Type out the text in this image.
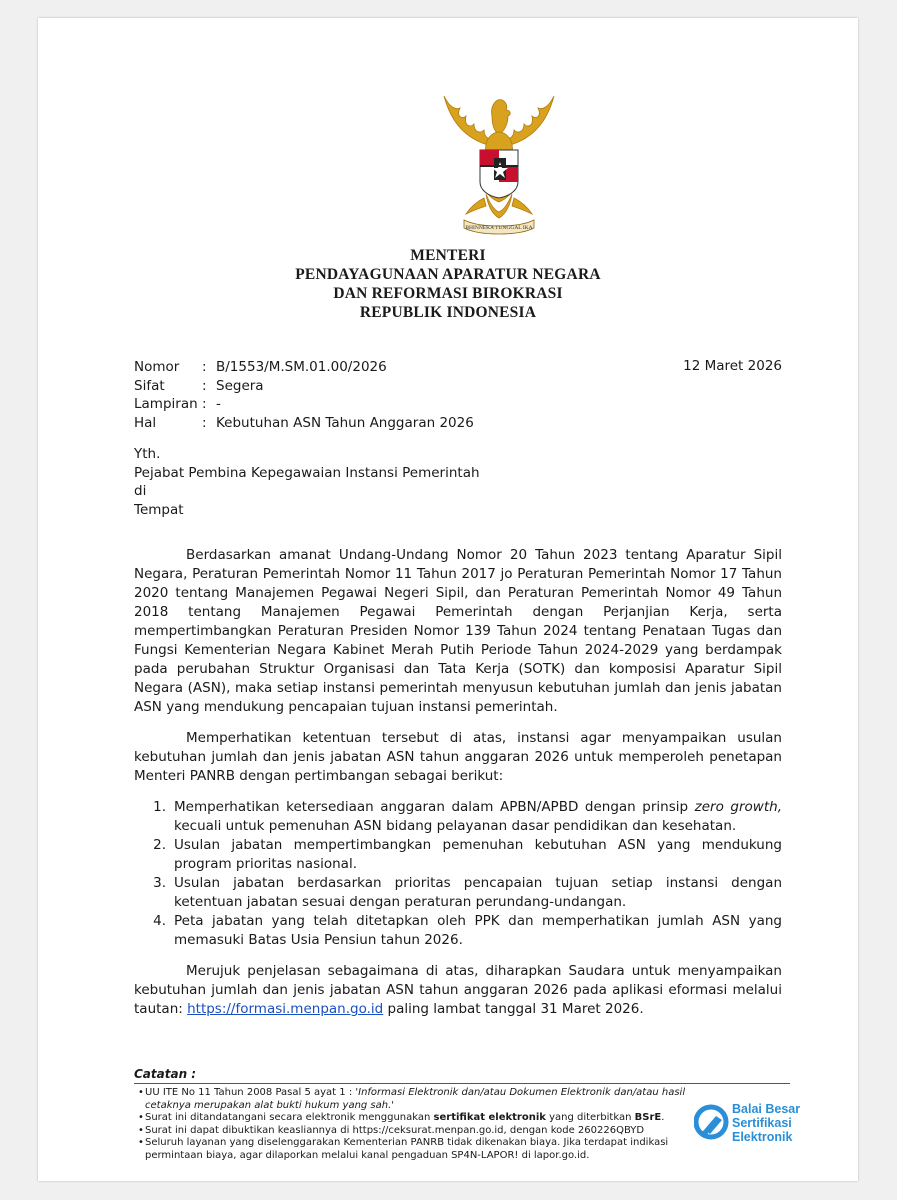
BHINNEKA TUNGGAL IKA
MENTERI
PENDAYAGUNAAN APARATUR NEGARA
DAN REFORMASI BIROKRASI
REPUBLIK INDONESIA
Nomor	: B/1553/M.SM.01.00/2026
Sifat	: Segera
Lampiran : -
Hal	: Kebutuhan ASN Tahun Anggaran 2026
12 Maret 2026
Yth.
Pejabat Pembina Kepegawaian Instansi Pemerintah
di
Tempat
Berdasarkan amanat Undang-Undang Nomor 20 Tahun 2023 tentang Aparatur Sipil Negara, Peraturan Pemerintah Nomor 11 Tahun 2017 jo Peraturan Pemerintah Nomor 17 Tahun 2020 tentang Manajemen Pegawai Negeri Sipil, dan Peraturan Pemerintah Nomor 49 Tahun 2018 tentang Manajemen Pegawai Pemerintah dengan Perjanjian Kerja, serta mempertimbangkan Peraturan Presiden Nomor 139 Tahun 2024 tentang Penataan Tugas dan Fungsi Kementerian Negara Kabinet Merah Putih Periode Tahun 2024-2029 yang berdampak pada perubahan Struktur Organisasi dan Tata Kerja (SOTK) dan komposisi Aparatur Sipil Negara (ASN), maka setiap instansi pemerintah menyusun kebutuhan jumlah dan jenis jabatan ASN yang mendukung pencapaian tujuan instansi pemerintah.
Memperhatikan ketentuan tersebut di atas, instansi agar menyampaikan usulan kebutuhan jumlah dan jenis jabatan ASN tahun anggaran 2026 untuk memperoleh penetapan Menteri PANRB dengan pertimbangan sebagai berikut:
1. Memperhatikan ketersediaan anggaran dalam APBN/APBD dengan prinsip zero growth, kecuali untuk pemenuhan ASN bidang pelayanan dasar pendidikan dan kesehatan.
2. Usulan jabatan mempertimbangkan pemenuhan kebutuhan ASN yang mendukung program prioritas nasional.
3. Usulan jabatan berdasarkan prioritas pencapaian tujuan setiap instansi dengan ketentuan jabatan sesuai dengan peraturan perundang-undangan.
4. Peta jabatan yang telah ditetapkan oleh PPK dan memperhatikan jumlah ASN yang memasuki Batas Usia Pensiun tahun 2026.
Merujuk penjelasan sebagaimana di atas, diharapkan Saudara untuk menyampaikan kebutuhan jumlah dan jenis jabatan ASN tahun anggaran 2026 pada aplikasi eformasi melalui tautan: https://formasi.menpan.go.id paling lambat tanggal 31 Maret 2026.
Catatan :
• UU ITE No 11 Tahun 2008 Pasal 5 ayat 1 : 'Informasi Elektronik dan/atau Dokumen Elektronik dan/atau hasil cetaknya merupakan alat bukti hukum yang sah.'
• Surat ini ditandatangani secara elektronik menggunakan sertifikat elektronik yang diterbitkan BSrE.
• Surat ini dapat dibuktikan keasliannya di https://ceksurat.menpan.go.id, dengan kode 260226QBYD
• Seluruh layanan yang diselenggarakan Kementerian PANRB tidak dikenakan biaya. Jika terdapat indikasi permintaan biaya, agar dilaporkan melalui kanal pengaduan SP4N-LAPOR! di lapor.go.id.
Balai Besar
Sertifikasi
Elektronik
